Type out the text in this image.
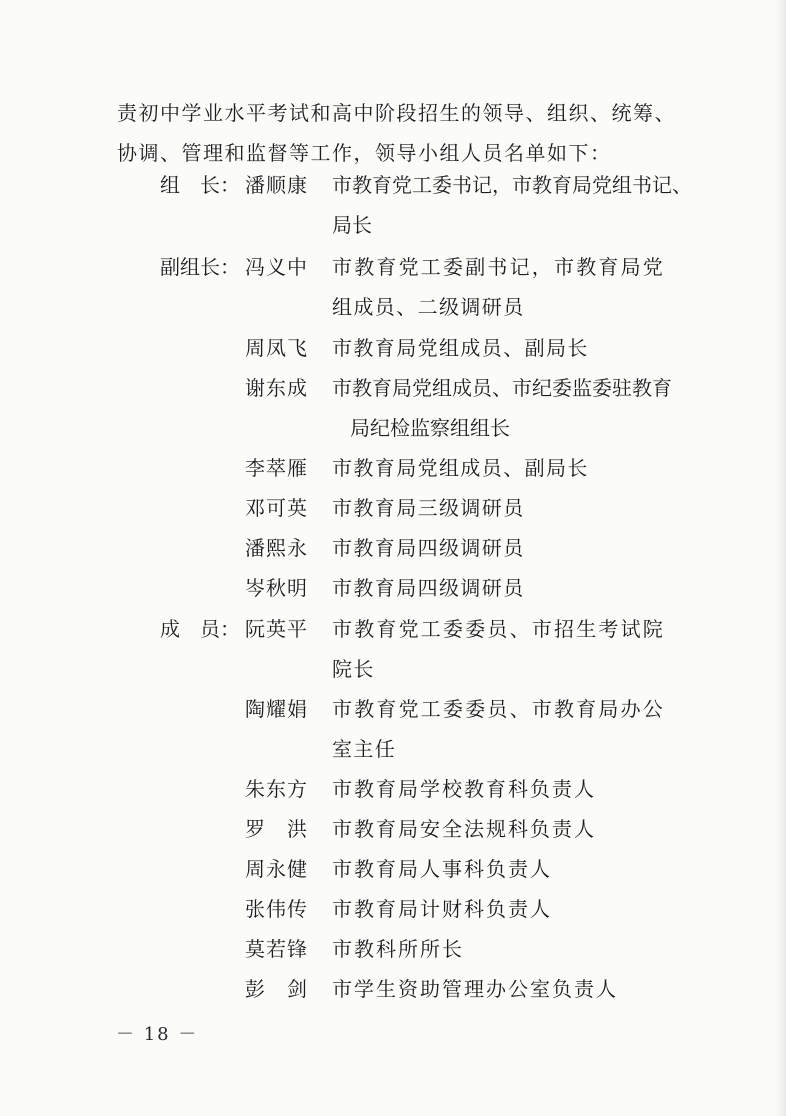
责初中学业水平考试和高中阶段招生的领导、组织、统筹、

协调、管理和监督等工作，领导小组人员名单如下：

组　长： 潘顺康	市教育党工委书记，市教育局党组书记、
局长
副组长： 冯义中	市教育党工委副书记，市教育局党
组成员、二级调研员
周凤飞	市教育局党组成员、副局长
谢东成	市教育局党组成员、市纪委监委驻教育
局纪检监察组组长
李萃雁	市教育局党组成员、副局长
邓可英	市教育局三级调研员
潘熙永	市教育局四级调研员
岑秋明	市教育局四级调研员
成　员： 阮英平	市教育党工委委员、市招生考试院
院长
陶耀娟	市教育党工委委员、市教育局办公
室主任
朱东方	市教育局学校教育科负责人
罗　洪	市教育局安全法规科负责人
周永健	市教育局人事科负责人
张伟传	市教育局计财科负责人
莫若锋	市教科所所长
彭　剑	市学生资助管理办公室负责人
－ 18 －
